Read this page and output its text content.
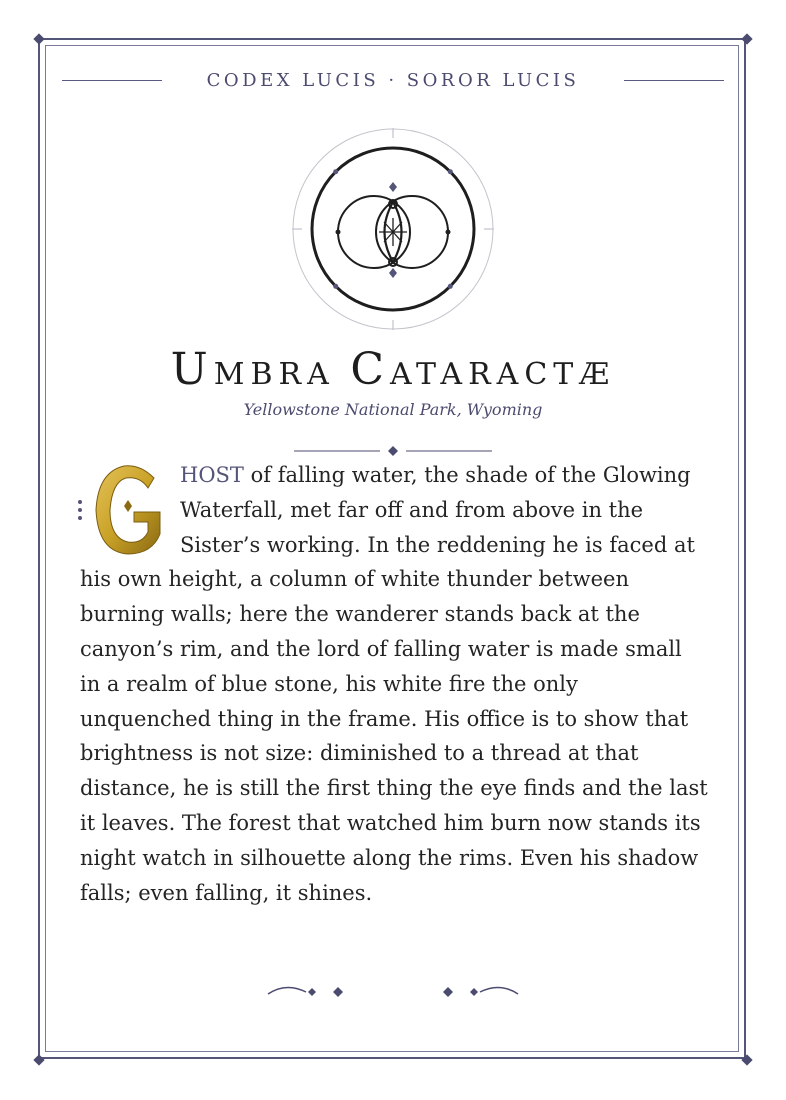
CODEX LUCIS · SOROR LUCIS
UMBRA CATARACTÆ
Yellowstone National Park, Wyoming

HOST of falling water, the shade of the Glowing Waterfall, met far off and from above in the Sister’s working. In the reddening he is faced at his own height, a column of white thunder between burning walls; here the wanderer stands back at the canyon’s rim, and the lord of falling water is made small in a realm of blue stone, his white fire the only unquenched thing in the frame. His office is to show that brightness is not size: diminished to a thread at that distance, he is still the first thing the eye finds and the last it leaves. The forest that watched him burn now stands its night watch in silhouette along the rims. Even his shadow falls; even falling, it shines.
